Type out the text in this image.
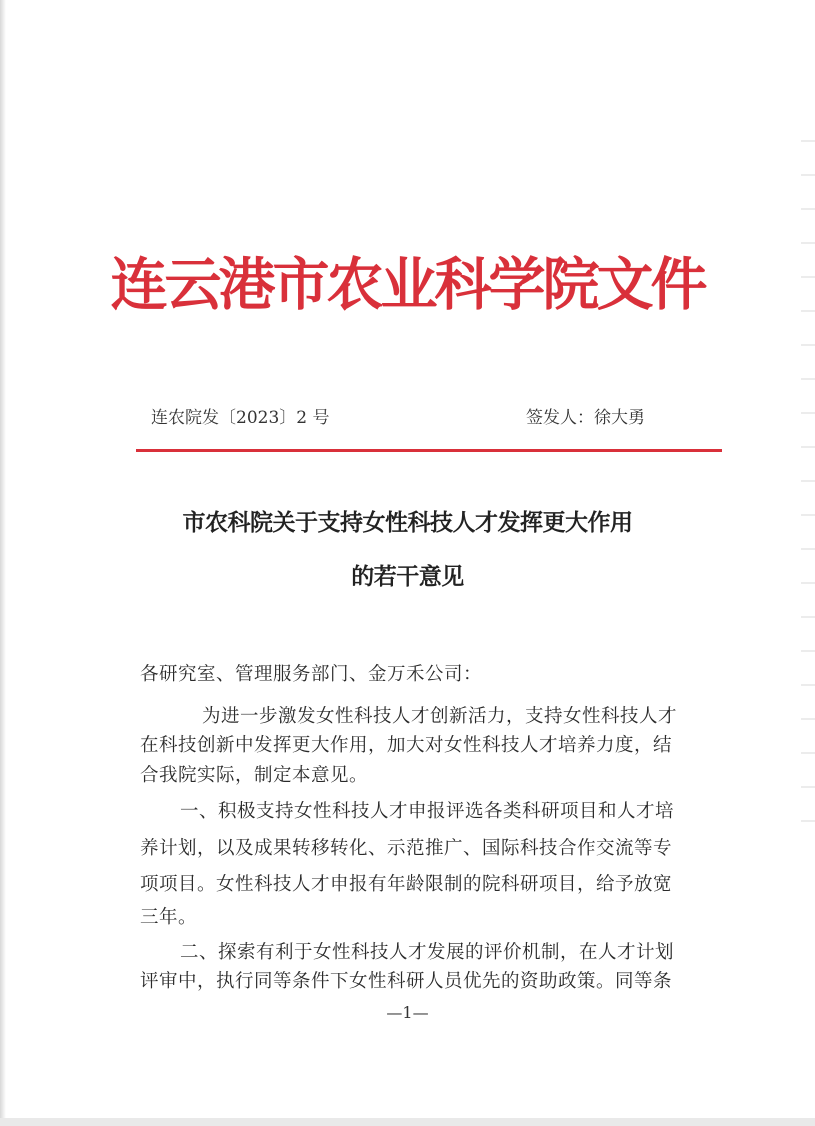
连云港市农业科学院文件
连农院发〔2023〕2 号	签发人：徐大勇
市农科院关于支持女性科技人才发挥更大作用
的若干意见
各研究室、管理服务部门、金万禾公司：
为进一步激发女性科技人才创新活力，支持女性科技人才
在科技创新中发挥更大作用，加大对女性科技人才培养力度，结
合我院实际，制定本意见。
一、积极支持女性科技人才申报评选各类科研项目和人才培
养计划，以及成果转移转化、示范推广、国际科技合作交流等专
项项目。女性科技人才申报有年龄限制的院科研项目，给予放宽
三年。
二、探索有利于女性科技人才发展的评价机制，在人才计划
评审中，执行同等条件下女性科研人员优先的资助政策。同等条
—1—
